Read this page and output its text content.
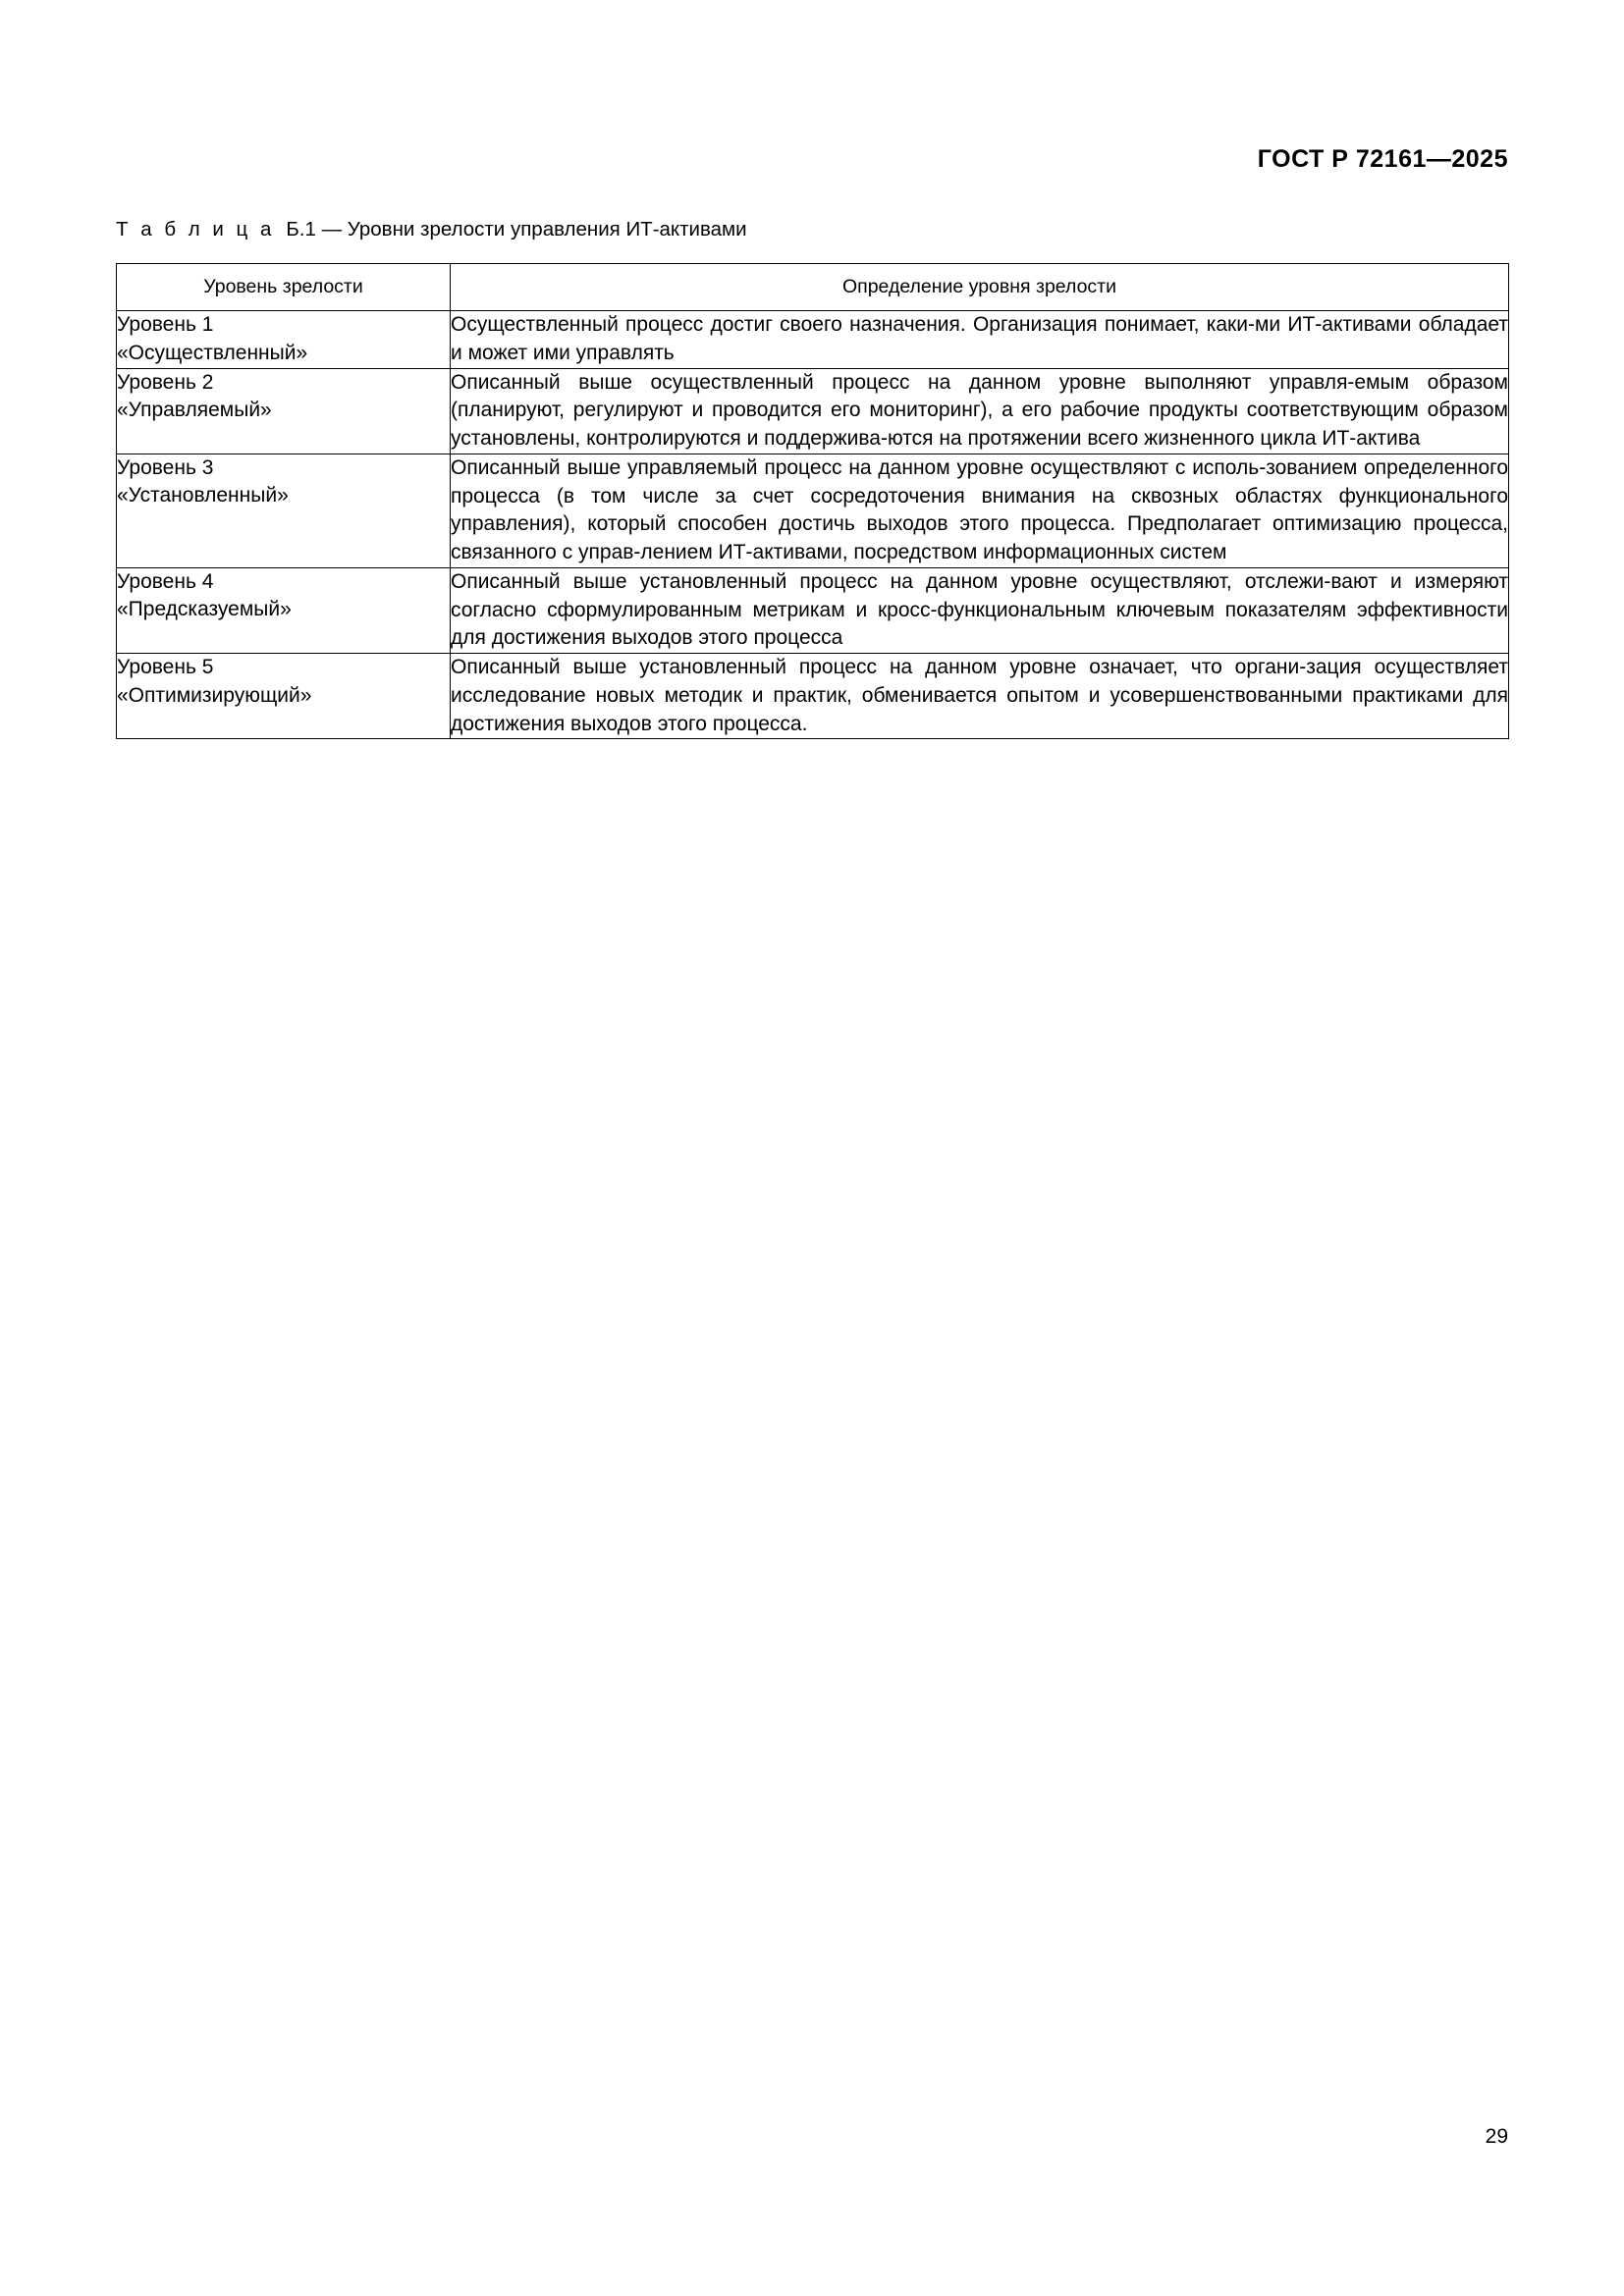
ГОСТ Р 72161—2025
Т а б л и ц а Б.1 — Уровни зрелости управления ИТ-активами
Уровень зрелости	Определение уровня зрелости
Уровень 1
«Осуществленный»	Осуществленный процесс достиг своего назначения. Организация понимает, каки-ми ИТ-активами обладает и может ими управлять
Уровень 2
«Управляемый»	Описанный выше осуществленный процесс на данном уровне выполняют управля-емым образом (планируют, регулируют и проводится его мониторинг), а его рабочие продукты соответствующим образом установлены, контролируются и поддержива-ются на протяжении всего жизненного цикла ИТ-актива
Уровень 3
«Установленный»	Описанный выше управляемый процесс на данном уровне осуществляют с исполь-зованием определенного процесса (в том числе за счет сосредоточения внимания на сквозных областях функционального управления), который способен достичь выходов этого процесса. Предполагает оптимизацию процесса, связанного с управ-лением ИТ-активами, посредством информационных систем
Уровень 4
«Предсказуемый»	Описанный выше установленный процесс на данном уровне осуществляют, отслежи-вают и измеряют согласно сформулированным метрикам и кросс-функциональным ключевым показателям эффективности для достижения выходов этого процесса
Уровень 5
«Оптимизирующий»	Описанный выше установленный процесс на данном уровне означает, что органи-зация осуществляет исследование новых методик и практик, обменивается опытом и усовершенствованными практиками для достижения выходов этого процесса.
29
